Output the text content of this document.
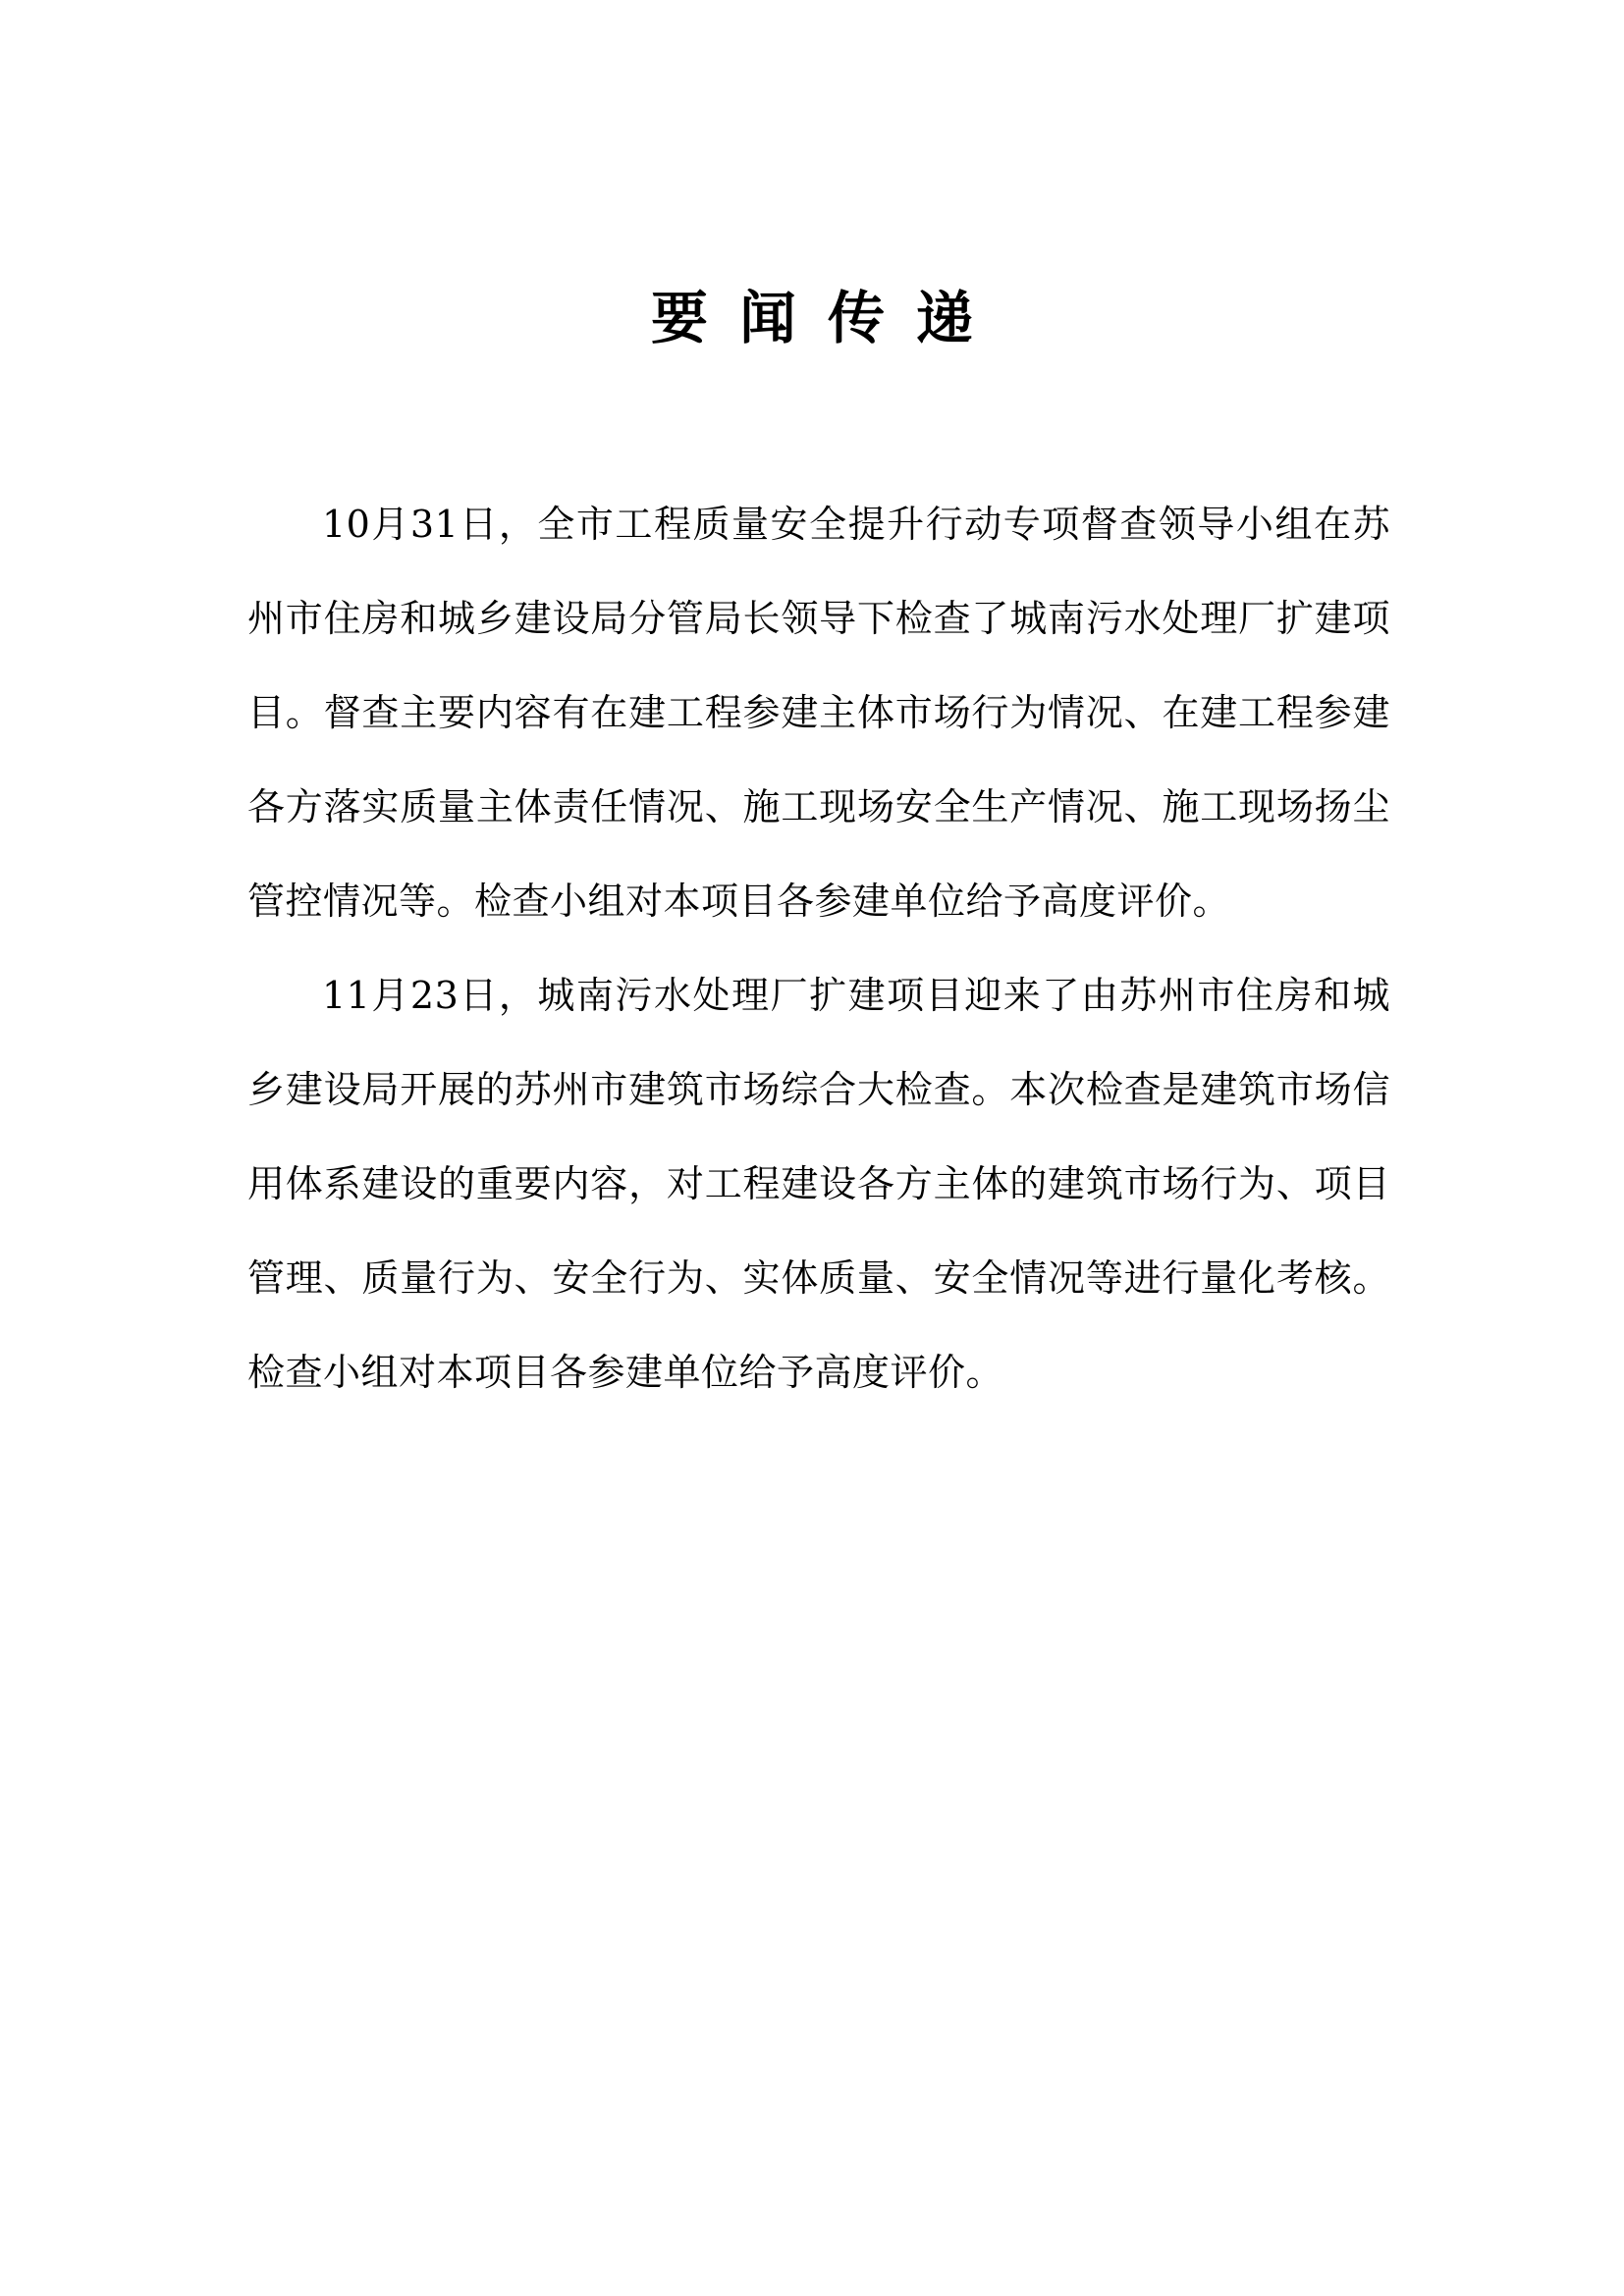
要闻传递

10月31日，全市工程质量安全提升行动专项督查领导小组在苏州市住房和城乡建设局分管局长领导下检查了城南污水处理厂扩建项目。督查主要内容有在建工程参建主体市场行为情况、在建工程参建各方落实质量主体责任情况、施工现场安全生产情况、施工现场扬尘管控情况等。检查小组对本项目各参建单位给予高度评价。

11月23日，城南污水处理厂扩建项目迎来了由苏州市住房和城乡建设局开展的苏州市建筑市场综合大检查。本次检查是建筑市场信用体系建设的重要内容，对工程建设各方主体的建筑市场行为、项目管理、质量行为、安全行为、实体质量、安全情况等进行量化考核。检查小组对本项目各参建单位给予高度评价。
